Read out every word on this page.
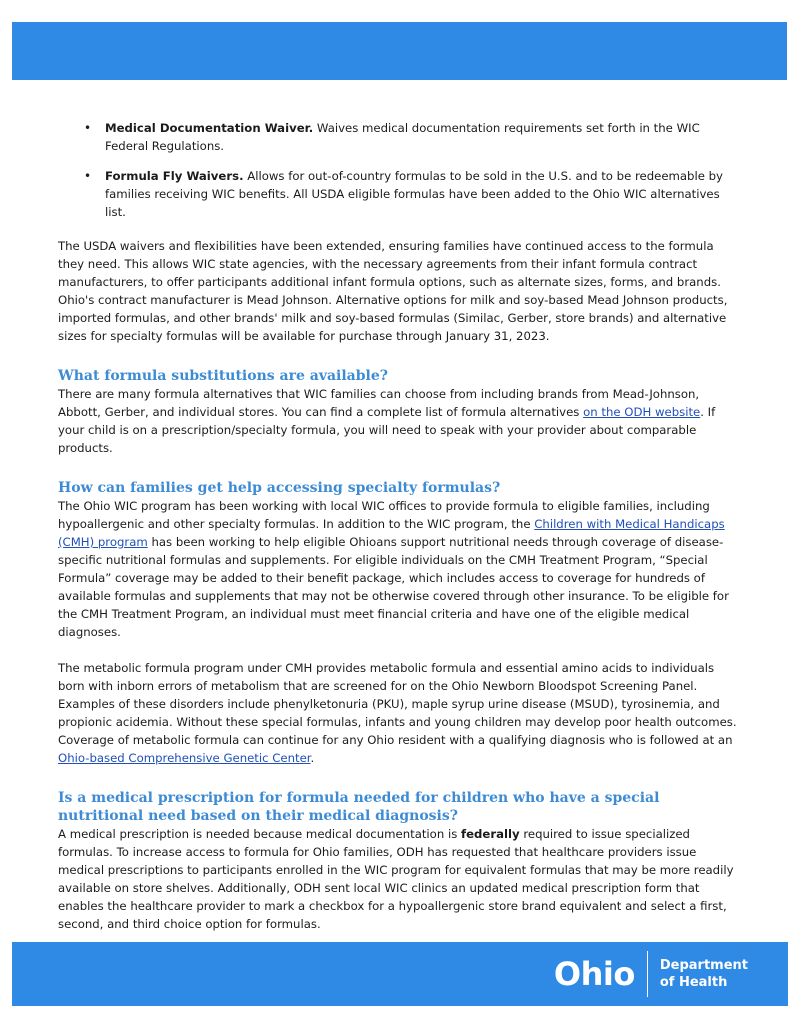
• Medical Documentation Waiver. Waives medical documentation requirements set forth in the WIC Federal Regulations.
• Formula Fly Waivers. Allows for out-of-country formulas to be sold in the U.S. and to be redeemable by families receiving WIC benefits. All USDA eligible formulas have been added to the Ohio WIC alternatives list.

The USDA waivers and flexibilities have been extended, ensuring families have continued access to the formula they need. This allows WIC state agencies, with the necessary agreements from their infant formula contract manufacturers, to offer participants additional infant formula options, such as alternate sizes, forms, and brands. Ohio's contract manufacturer is Mead Johnson. Alternative options for milk and soy-based Mead Johnson products, imported formulas, and other brands' milk and soy-based formulas (Similac, Gerber, store brands) and alternative sizes for specialty formulas will be available for purchase through January 31, 2023.

What formula substitutions are available?

There are many formula alternatives that WIC families can choose from including brands from Mead-Johnson, Abbott, Gerber, and individual stores. You can find a complete list of formula alternatives on the ODH website. If your child is on a prescription/specialty formula, you will need to speak with your provider about comparable products.

How can families get help accessing specialty formulas?

The Ohio WIC program has been working with local WIC offices to provide formula to eligible families, including hypoallergenic and other specialty formulas. In addition to the WIC program, the Children with Medical Handicaps (CMH) program has been working to help eligible Ohioans support nutritional needs through coverage of disease-specific nutritional formulas and supplements. For eligible individuals on the CMH Treatment Program, “Special Formula” coverage may be added to their benefit package, which includes access to coverage for hundreds of available formulas and supplements that may not be otherwise covered through other insurance. To be eligible for the CMH Treatment Program, an individual must meet financial criteria and have one of the eligible medical diagnoses.

The metabolic formula program under CMH provides metabolic formula and essential amino acids to individuals born with inborn errors of metabolism that are screened for on the Ohio Newborn Bloodspot Screening Panel. Examples of these disorders include phenylketonuria (PKU), maple syrup urine disease (MSUD), tyrosinemia, and propionic acidemia. Without these special formulas, infants and young children may develop poor health outcomes. Coverage of metabolic formula can continue for any Ohio resident with a qualifying diagnosis who is followed at an Ohio-based Comprehensive Genetic Center.

Is a medical prescription for formula needed for children who have a special nutritional need based on their medical diagnosis?

A medical prescription is needed because medical documentation is federally required to issue specialized formulas. To increase access to formula for Ohio families, ODH has requested that healthcare providers issue medical prescriptions to participants enrolled in the WIC program for equivalent formulas that may be more readily available on store shelves. Additionally, ODH sent local WIC clinics an updated medical prescription form that enables the healthcare provider to mark a checkbox for a hypoallergenic store brand equivalent and select a first, second, and third choice option for formulas.

Ohio	Department
of Health
